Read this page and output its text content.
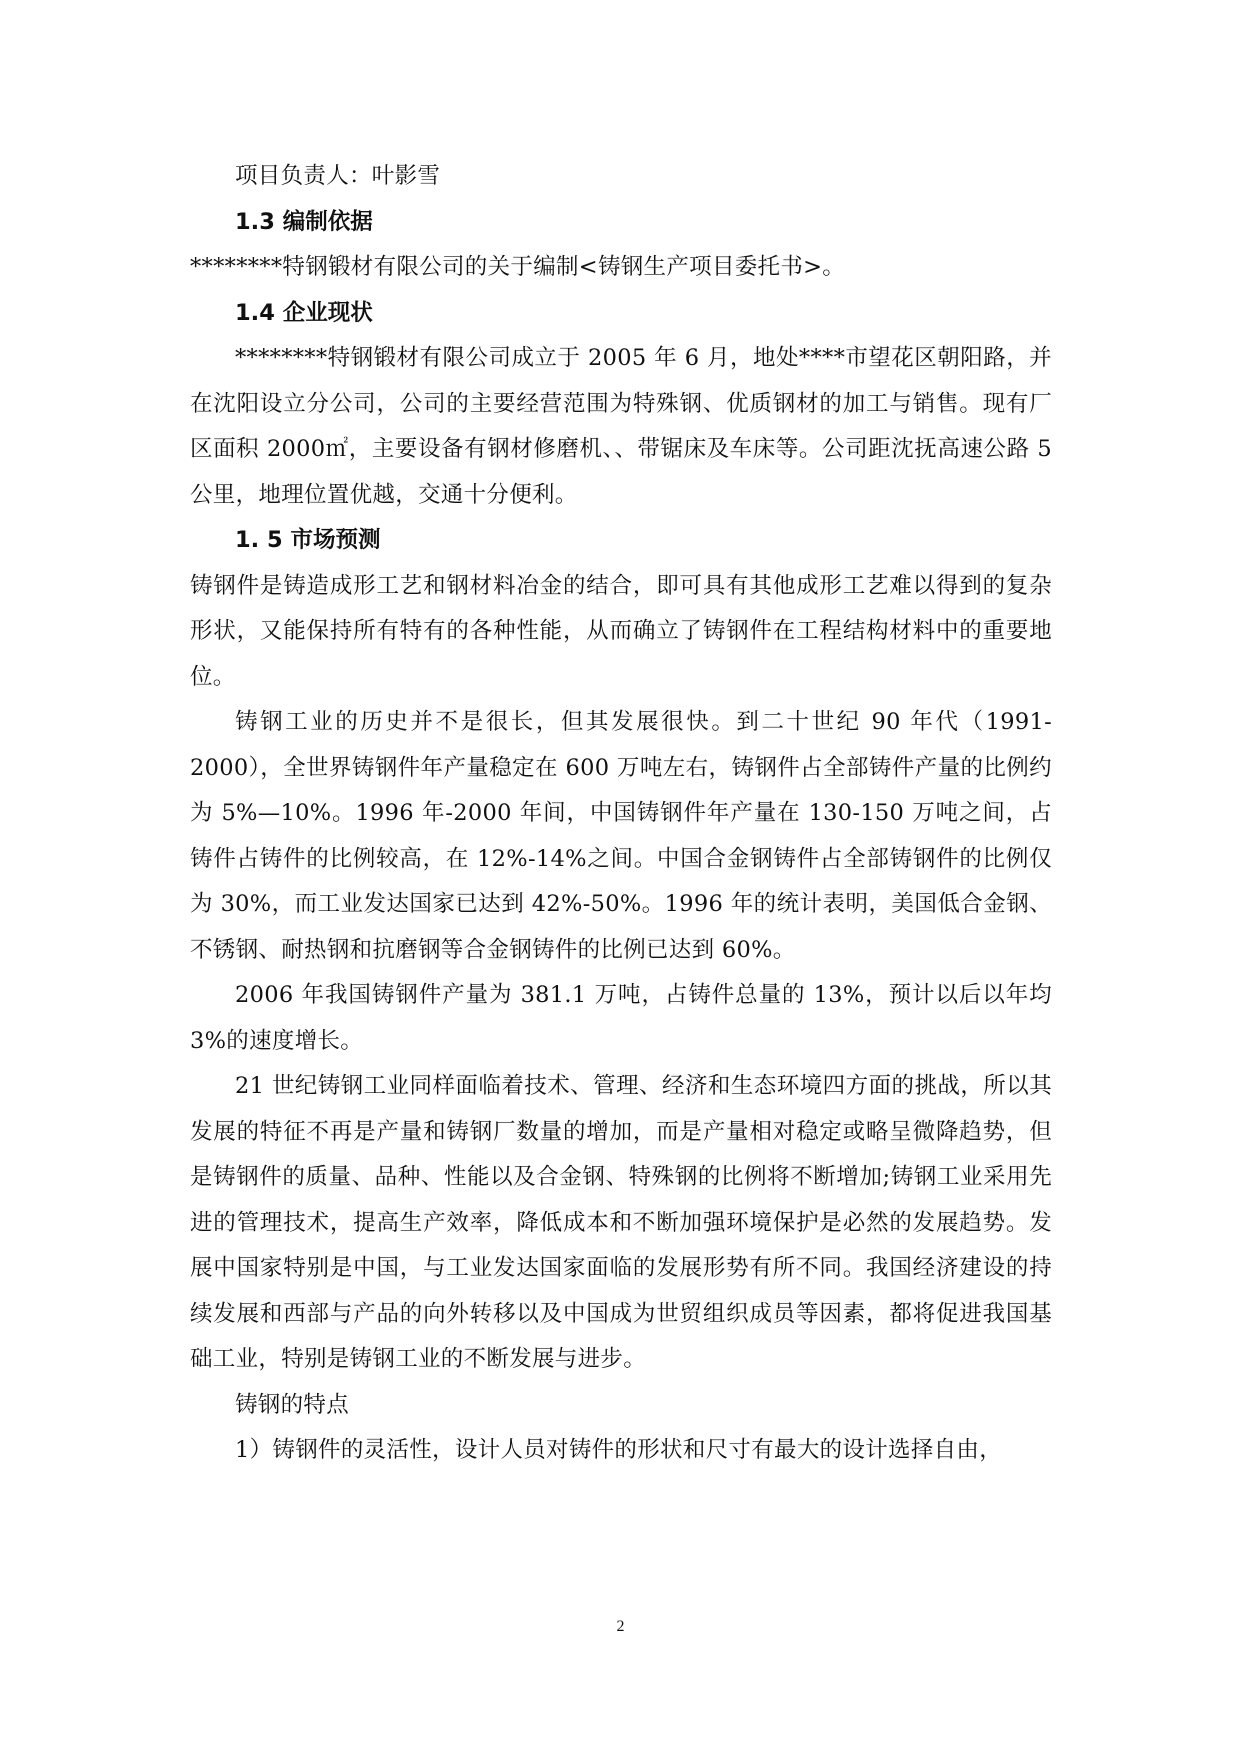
项目负责人：叶影雪

1.3 编制依据

********特钢锻材有限公司的关于编制<铸钢生产项目委托书>。

1.4 企业现状

********特钢锻材有限公司成立于 2005 年 6 月，地处****市望花区朝阳路，并在沈阳设立分公司，公司的主要经营范围为特殊钢、优质钢材的加工与销售。现有厂区面积 2000㎡，主要设备有钢材修磨机、、带锯床及车床等。公司距沈抚高速公路 5 公里，地理位置优越，交通十分便利。

1. 5 市场预测

铸钢件是铸造成形工艺和钢材料冶金的结合，即可具有其他成形工艺难以得到的复杂形状，又能保持所有特有的各种性能，从而确立了铸钢件在工程结构材料中的重要地位。

铸钢工业的历史并不是很长，但其发展很快。到二十世纪 90 年代（1991-2000），全世界铸钢件年产量稳定在 600 万吨左右，铸钢件占全部铸件产量的比例约为 5%—10%。1996 年-2000 年间，中国铸钢件年产量在 130-150 万吨之间，占铸件占铸件的比例较高，在 12%-14%之间。中国合金钢铸件占全部铸钢件的比例仅为 30%，而工业发达国家已达到 42%-50%。1996 年的统计表明，美国低合金钢、不锈钢、耐热钢和抗磨钢等合金钢铸件的比例已达到 60%。

2006 年我国铸钢件产量为 381.1 万吨，占铸件总量的 13%，预计以后以年均 3%的速度增长。

21 世纪铸钢工业同样面临着技术、管理、经济和生态环境四方面的挑战，所以其发展的特征不再是产量和铸钢厂数量的增加，而是产量相对稳定或略呈微降趋势，但是铸钢件的质量、品种、性能以及合金钢、特殊钢的比例将不断增加;铸钢工业采用先进的管理技术，提高生产效率，降低成本和不断加强环境保护是必然的发展趋势。发展中国家特别是中国，与工业发达国家面临的发展形势有所不同。我国经济建设的持续发展和西部与产品的向外转移以及中国成为世贸组织成员等因素，都将促进我国基础工业，特别是铸钢工业的不断发展与进步。

铸钢的特点

1）铸钢件的灵活性，设计人员对铸件的形状和尺寸有最大的设计选择自由，

2
